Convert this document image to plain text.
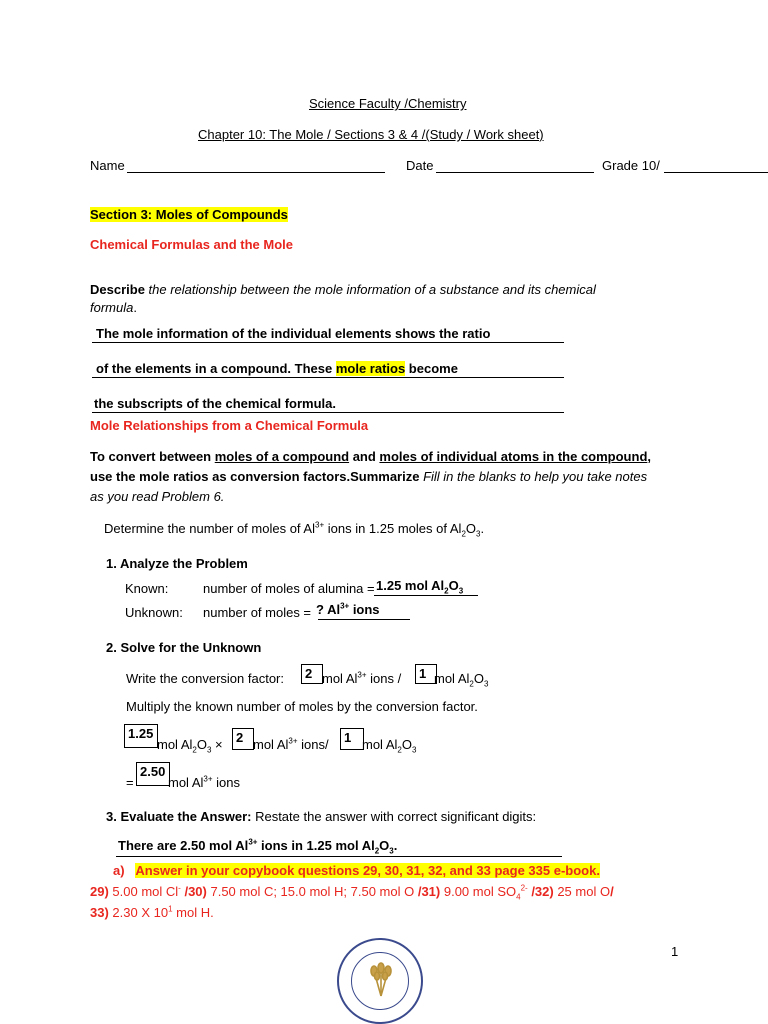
Science Faculty /Chemistry
Chapter 10: The Mole / Sections 3 & 4 /(Study / Work sheet)
Name	Date	Grade 10/
Section 3: Moles of Compounds
Chemical Formulas and the Mole
Describe the relationship between the mole information of a substance and its chemical
formula.
The mole information of the individual elements shows the ratio
of the elements in a compound. These mole ratios become
the subscripts of the chemical formula.
Mole Relationships from a Chemical Formula
To convert between moles of a compound and moles of individual atoms in the compound,
use the mole ratios as conversion factors.Summarize Fill in the blanks to help you take notes
as you read Problem 6.
Determine the number of moles of $Al^{3+}$ ions in 1.25 moles of $Al_2O_3$.
1. Analyze the Problem
Known:	number of moles of alumina = 1.25 mol $Al_2O_3$
Unknown: number of moles = ? $Al^{3+}$ ions
2. Solve for the Unknown
Write the conversion factor:	2 mol $Al^{3+}$ ions /	1 mol $Al_2O_3$
Multiply the known number of moles by the conversion factor.
1.25
mol $Al_2O_3$ ×	2 mol $Al^{3+}$ ions/	1 mol $Al_2O_3$
=
2.50
mol $Al^{3+}$ ions
3. Evaluate the Answer: Restate the answer with correct significant digits:
There are 2.50 mol $Al^{3+}$ ions in 1.25 mol $Al_2O_3$.
a) Answer in your copybook questions 29, 30, 31, 32, and 33 page 335 e-book.
29) 5.00 mol Cl- /30) 7.50 mol C; 15.0 mol H; 7.50 mol O /31) 9.00 mol $SO_4^{2-}$ /32) 25 mol O/
33) 2.30 X $10^1$ mol H.
1
